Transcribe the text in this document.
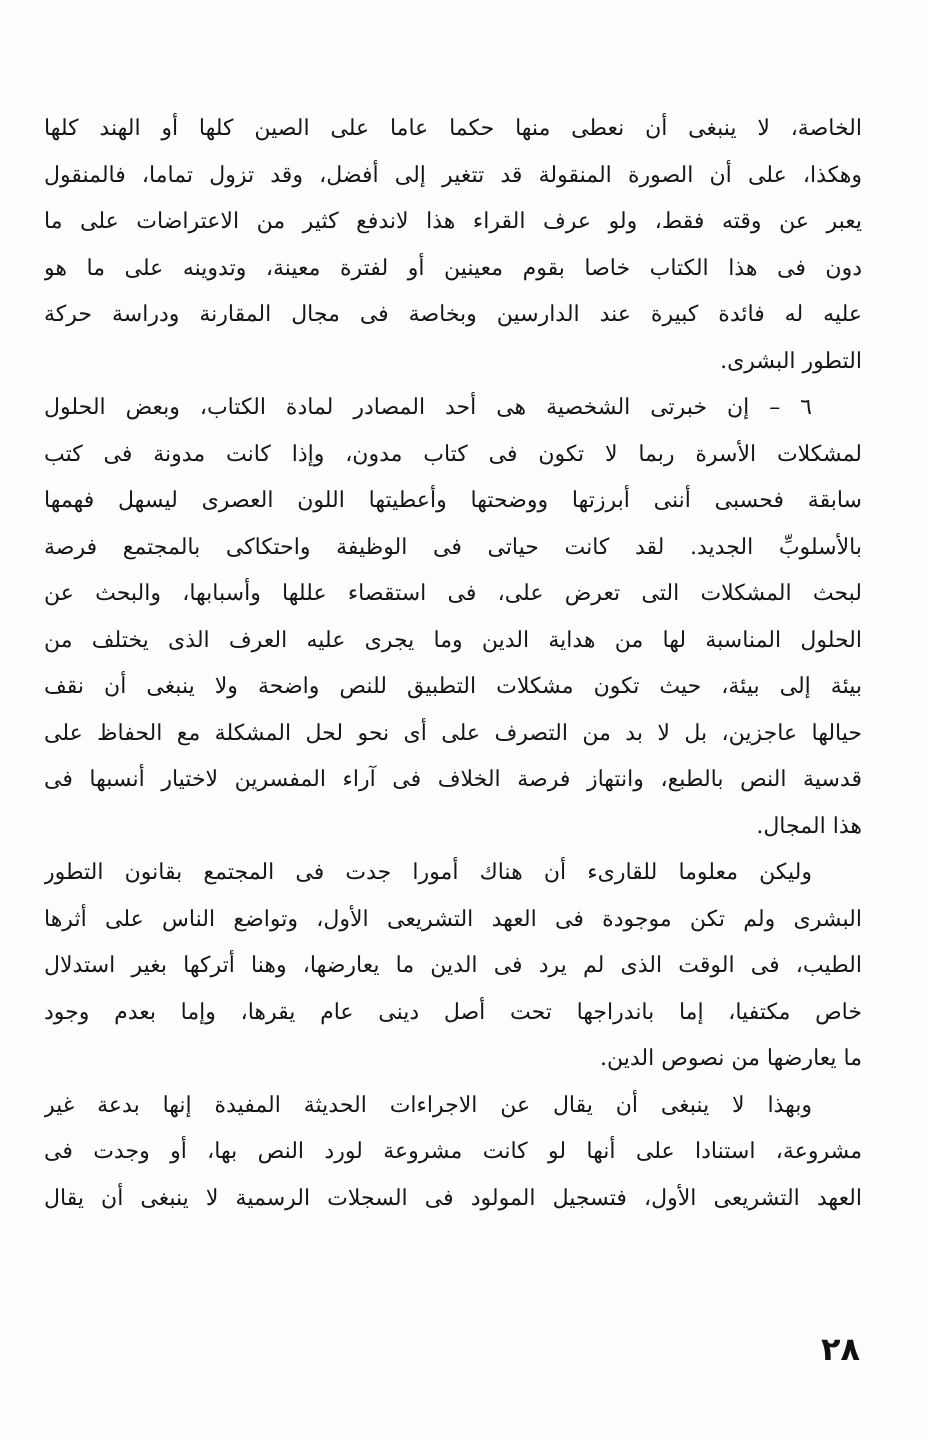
الخاصة، لا ينبغى أن نعطى منها حكما عاما على الصين كلها أو الهند كلها
وهكذا، على أن الصورة المنقولة قد تتغير إلى أفضل، وقد تزول تماما، فالمنقول
يعبر عن وقته فقط، ولو عرف القراء هذا لاندفع كثير من الاعتراضات على ما
دون فى هذا الكتاب خاصا بقوم معينين أو لفترة معينة، وتدوينه على ما هو
عليه له فائدة كبيرة عند الدارسين وبخاصة فى مجال المقارنة ودراسة حركة
التطور البشرى.
٦ – إن خبرتى الشخصية هى أحد المصادر لمادة الكتاب، وبعض الحلول
لمشكلات الأسرة ربما لا تكون فى كتاب مدون، وإذا كانت مدونة فى كتب
سابقة فحسبى أننى أبرزتها ووضحتها وأعطيتها اللون العصرى ليسهل فهمها
بالأسلوبِّ الجديد. لقد كانت حياتى فى الوظيفة واحتكاكى بالمجتمع فرصة
لبحث المشكلات التى تعرض على، فى استقصاء عللها وأسبابها، والبحث عن
الحلول المناسبة لها من هداية الدين وما يجرى عليه العرف الذى يختلف من
بيئة إلى بيئة، حيث تكون مشكلات التطبيق للنص واضحة ولا ينبغى أن نقف
حيالها عاجزين، بل لا بد من التصرف على أى نحو لحل المشكلة مع الحفاظ على
قدسية النص بالطبع، وانتهاز فرصة الخلاف فى آراء المفسرين لاختيار أنسبها فى
هذا المجال.
وليكن معلوما للقارىء أن هناك أمورا جدت فى المجتمع بقانون التطور
البشرى ولم تكن موجودة فى العهد التشريعى الأول، وتواضع الناس على أثرها
الطيب، فى الوقت الذى لم يرد فى الدين ما يعارضها، وهنا أتركها بغير استدلال
خاص مكتفيا، إما باندراجها تحت أصل دينى عام يقرها، وإما بعدم وجود
ما يعارضها من نصوص الدين.
وبهذا لا ينبغى أن يقال عن الاجراءات الحديثة المفيدة إنها بدعة غير
مشروعة، استنادا على أنها لو كانت مشروعة لورد النص بها، أو وجدت فى
العهد التشريعى الأول، فتسجيل المولود فى السجلات الرسمية لا ينبغى أن يقال
٢٨
